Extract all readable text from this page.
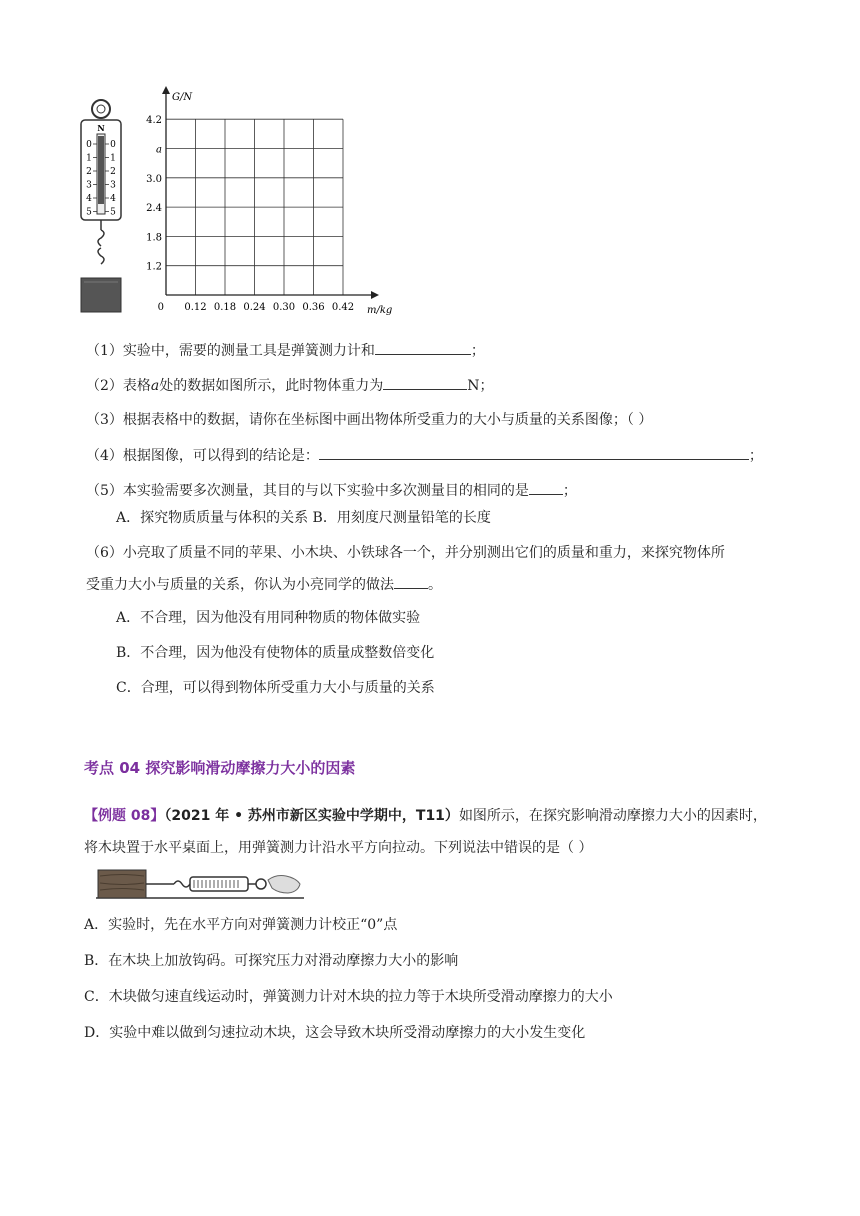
N
0
1
2
3
4
5
0
1
2
3
4
5
0.12 0.18 0.24 0.30 0.36 0.42
1.2
1.8
2.4
3.0
a
4.2
0
G/N
m/kg
（1）实验中，需要的测量工具是弹簧测力计和	；
（2）表格a处的数据如图所示，此时物体重力为	N；
（3）根据表格中的数据，请你在坐标图中画出物体所受重力的大小与质量的关系图像；（ ）
（4）根据图像，可以得到的结论是：	；
（5）本实验需要多次测量，其目的与以下实验中多次测量目的相同的是 ；
A．探究物质质量与体积的关系 B．用刻度尺测量铅笔的长度
（6）小亮取了质量不同的苹果、小木块、小铁球各一个，并分别测出它们的质量和重力，来探究物体所
受重力大小与质量的关系，你认为小亮同学的做法 。
A．不合理，因为他没有用同种物质的物体做实验
B．不合理，因为他没有使物体的质量成整数倍变化
C．合理，可以得到物体所受重力大小与质量的关系
考点 04 探究影响滑动摩擦力大小的因素
【例题 08】（2021 年 • 苏州市新区实验中学期中，T11）如图所示，在探究影响滑动摩擦力大小的因素时，
将木块置于水平桌面上，用弹簧测力计沿水平方向拉动。下列说法中错误的是（ ）
A．实验时，先在水平方向对弹簧测力计校正“0”点
B．在木块上加放钩码。可探究压力对滑动摩擦力大小的影响
C．木块做匀速直线运动时，弹簧测力计对木块的拉力等于木块所受滑动摩擦力的大小
D．实验中难以做到匀速拉动木块，这会导致木块所受滑动摩擦力的大小发生变化
